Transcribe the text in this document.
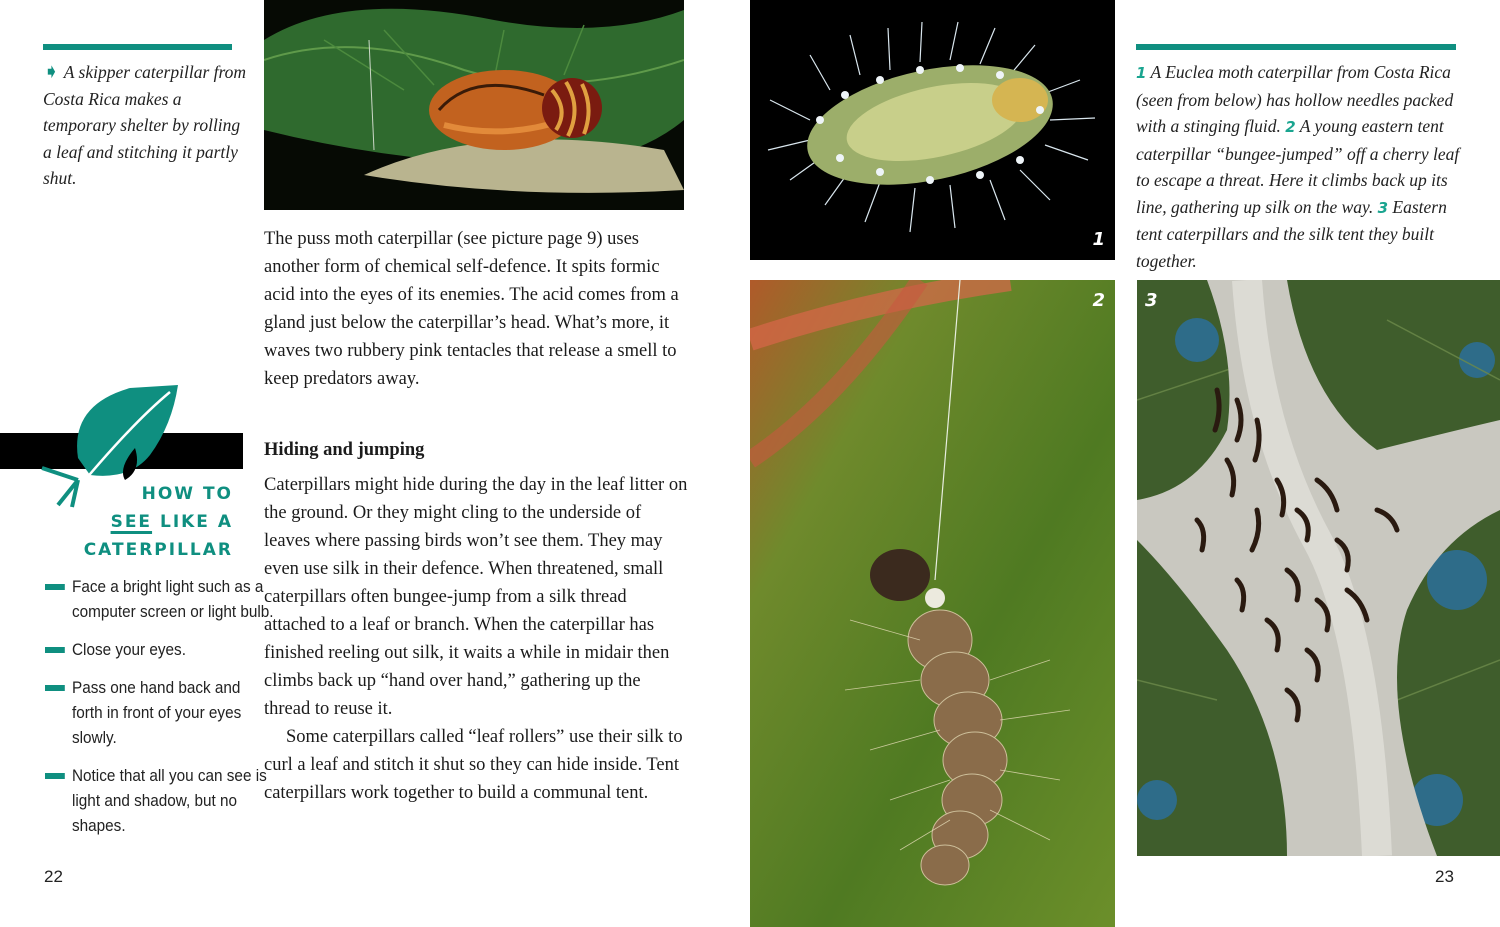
➧ A skipper caterpillar from Costa Rica makes a temporary shelter by rolling a leaf and stitching it partly shut.

The puss moth caterpillar (see picture page 9) uses another form of chemical self-defence. It spits formic acid into the eyes of its enemies. The acid comes from a gland just below the caterpillar’s head. What’s more, it waves two rubbery pink tentacles that release a smell to keep predators away.

Hiding and jumping

Caterpillars might hide during the day in the leaf litter on the ground. Or they might cling to the underside of leaves where passing birds won’t see them. They may even use silk in their defence. When threatened, small caterpillars often bungee-jump from a silk thread attached to a leaf or branch. When the caterpillar has finished reeling out silk, it waits a while in midair then climbs back up “hand over hand,” gathering up the thread to reuse it.

Some caterpillars called “leaf rollers” use their silk to curl a leaf and stitch it shut so they can hide inside. Tent caterpillars work together to build a communal tent.

HOW TO
SEE LIKE A
CATERPILLAR
Face a bright light such as a computer screen or light bulb.
Close your eyes.
Pass one hand back and forth in front of your eyes slowly.
Notice that all you can see is light and shadow, but no shapes.
22
1
2
1 A Euclea moth caterpillar from Costa Rica (seen from below) has hollow needles packed with a stinging fluid. 2 A young eastern tent caterpillar “bungee-jumped” off a cherry leaf to escape a threat. Here it climbs back up its line, gathering up silk on the way. 3 Eastern tent caterpillars and the silk tent they built together.
3
23
